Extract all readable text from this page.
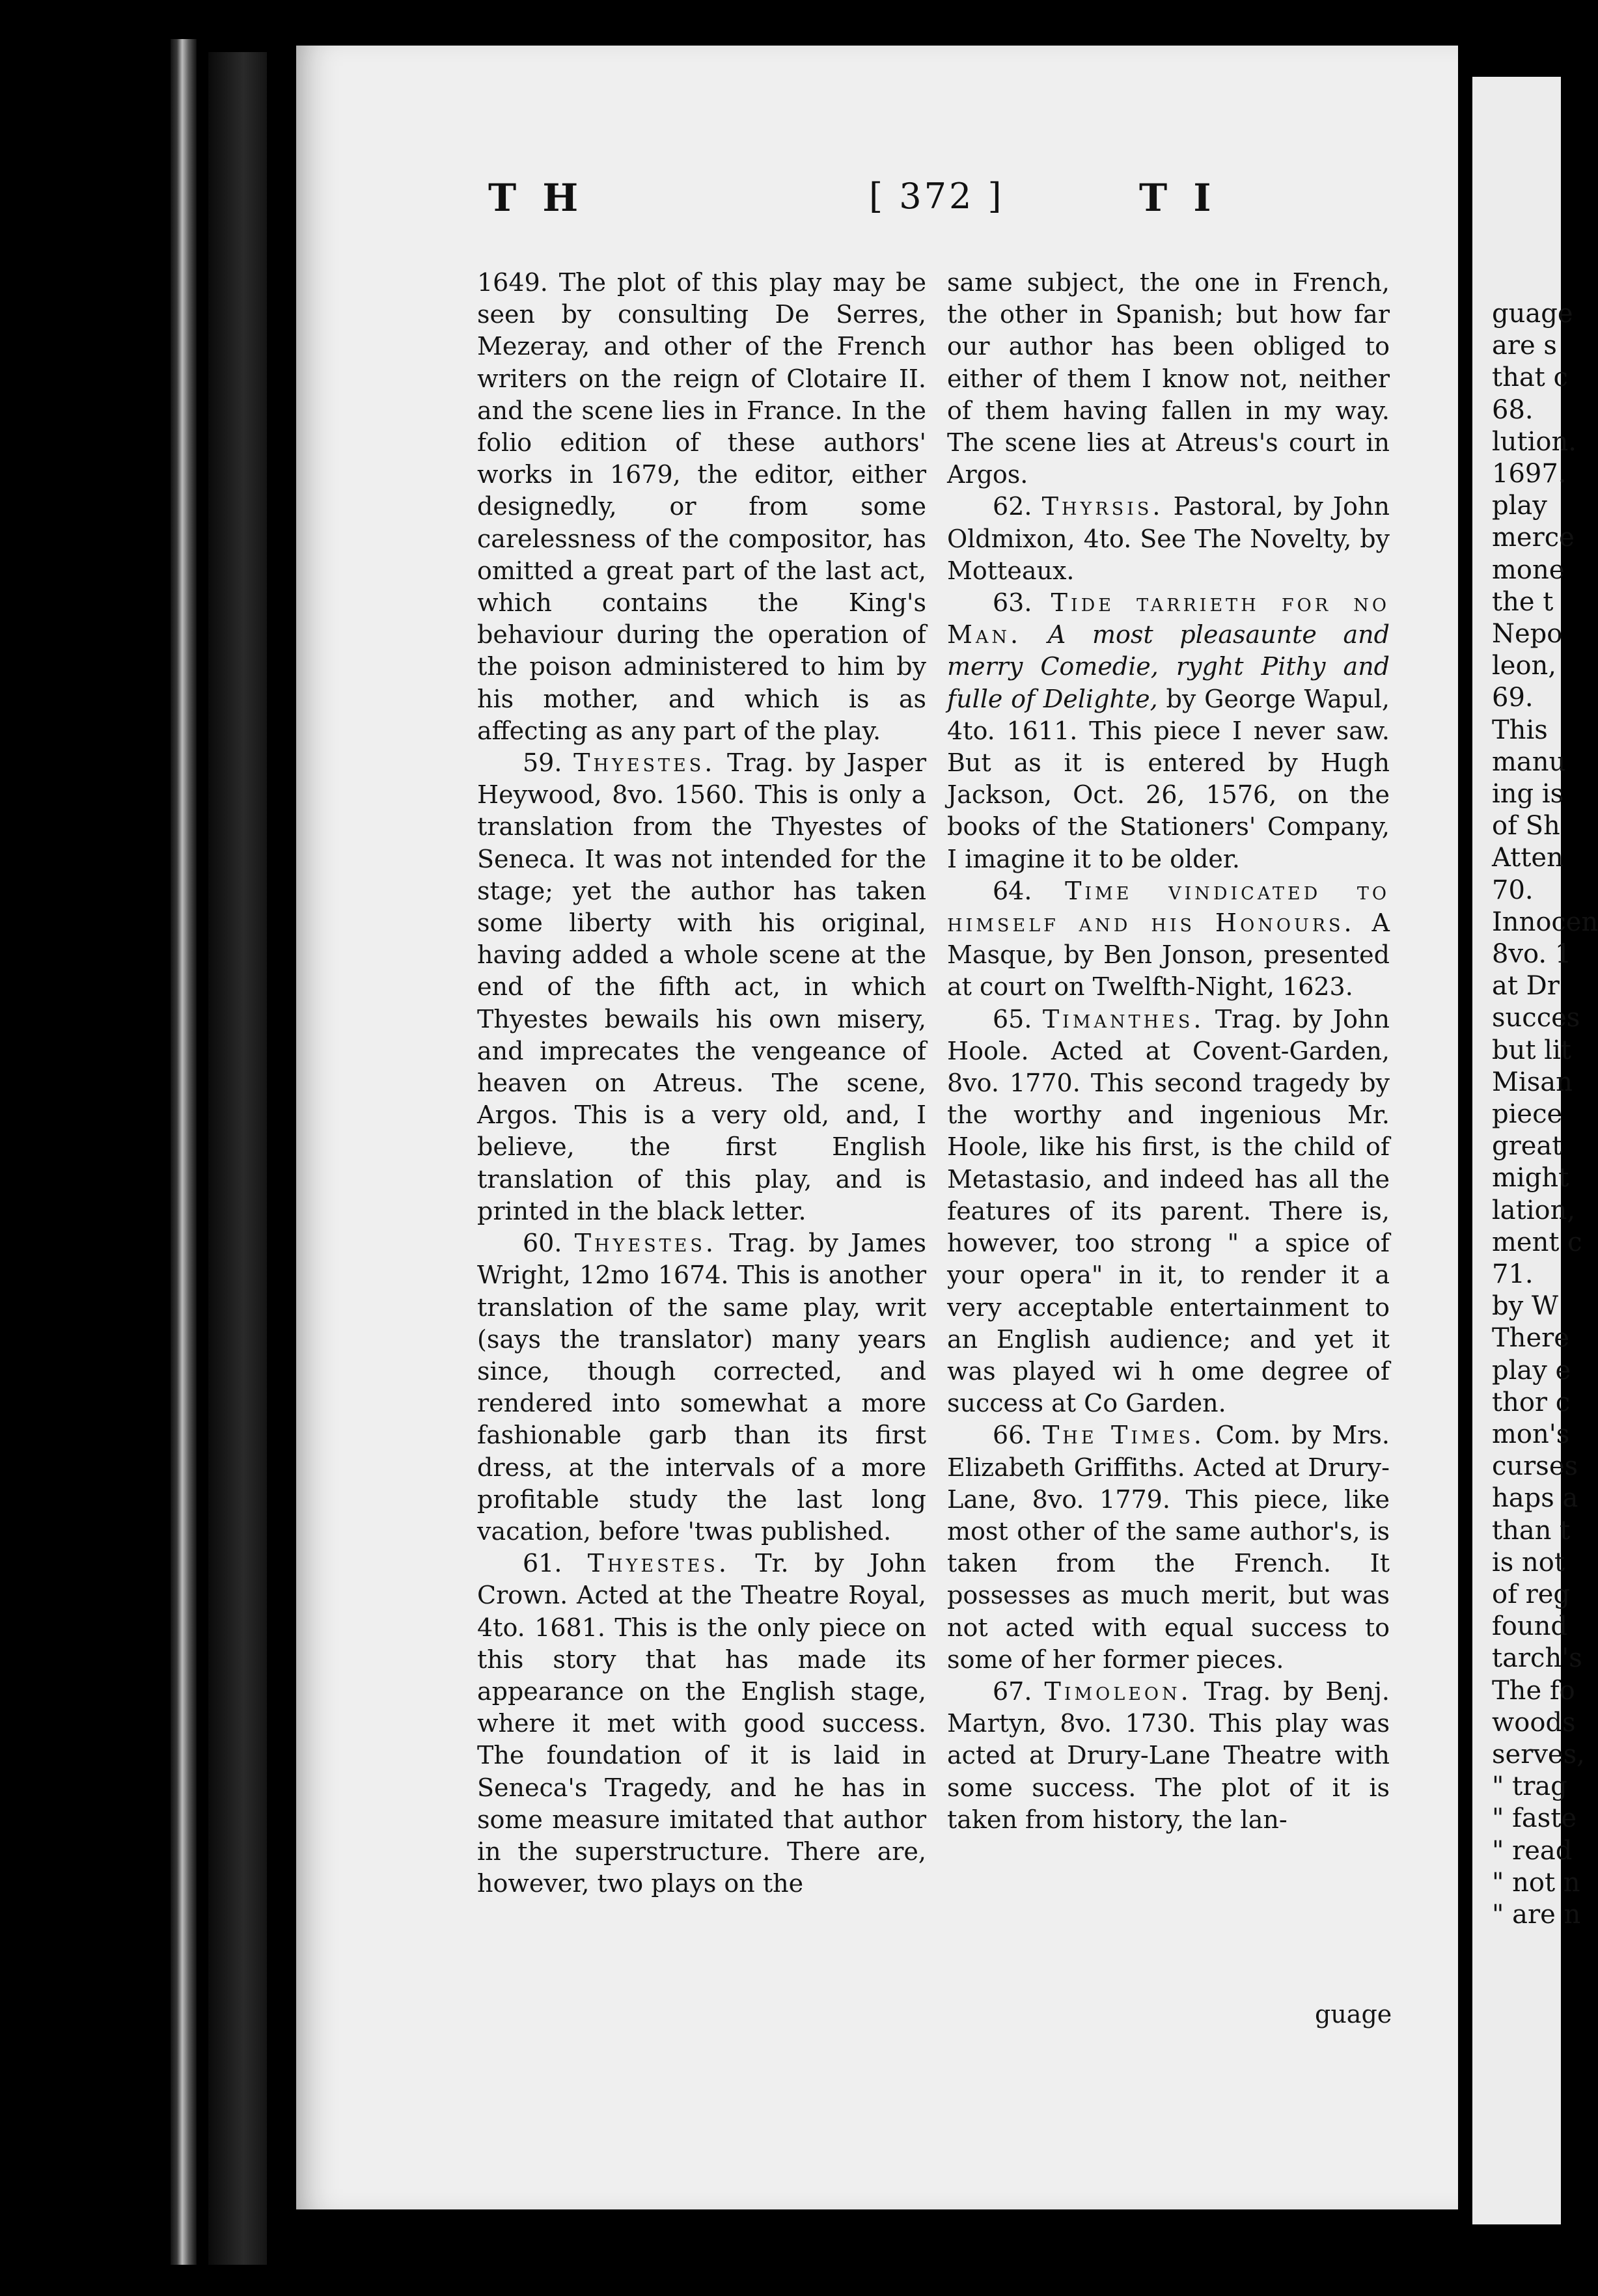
T H	[ 372 ]	T I

1649. The plot of this play may be seen by consulting De Serres, Mezeray, and other of the French writers on the reign of Clotaire II. and the scene lies in France. In the folio edition of these authors' works in 1679, the editor, either designedly, or from some carelessness of the compositor, has omitted a great part of the last act, which contains the King's behaviour during the operation of the poison administered to him by his mother, and which is as affecting as any part of the play.

59. Thyestes. Trag. by Jasper Heywood, 8vo. 1560. This is only a translation from the Thyestes of Seneca. It was not intended for the stage; yet the author has taken some liberty with his original, having added a whole scene at the end of the fifth act, in which Thyestes bewails his own misery, and imprecates the vengeance of heaven on Atreus. The scene, Argos. This is a very old, and, I believe, the first English translation of this play, and is printed in the black letter.

60. Thyestes. Trag. by James Wright, 12mo 1674. This is another translation of the same play, writ (says the translator) many years since, though corrected, and rendered into somewhat a more fashionable garb than its first dress, at the intervals of a more profitable study the last long vacation, before 'twas published.

61. Thyestes. Tr. by John Crown. Acted at the Theatre Royal, 4to. 1681. This is the only piece on this story that has made its appearance on the English stage, where it met with good success. The foundation of it is laid in Seneca's Tragedy, and he has in some measure imitated that author in the superstructure. There are, however, two plays on the

same subject, the one in French, the other in Spanish; but how far our author has been obliged to either of them I know not, neither of them having fallen in my way. The scene lies at Atreus's court in Argos.

62. Thyrsis. Pastoral, by John Oldmixon, 4to. See The Novelty, by Motteaux.

63. Tide tarrieth for no Man. A most pleasaunte and merry Comedie, ryght Pithy and fulle of Delighte, by George Wapul, 4to. 1611. This piece I never saw. But as it is entered by Hugh Jackson, Oct. 26, 1576, on the books of the Stationers' Company, I imagine it to be older.

64. Time vindicated to himself and his Honours. A Masque, by Ben Jonson, presented at court on Twelfth-Night, 1623.

65. Timanthes. Trag. by John Hoole. Acted at Covent-Garden, 8vo. 1770. This second tragedy by the worthy and ingenious Mr. Hoole, like his first, is the child of Metastasio, and indeed has all the features of its parent. There is, however, too strong " a spice of your opera" in it, to render it a very acceptable entertainment to an English audience; and yet it was played wi h ome degree of success at Co Garden.

66. The Times. Com. by Mrs. Elizabeth Griffiths. Acted at Drury-Lane, 8vo. 1779. This piece, like most other of the same author's, is taken from the French. It possesses as much merit, but was not acted with equal success to some of her former pieces.

67. Timoleon. Trag. by Benj. Martyn, 8vo. 1730. This play was acted at Drury-Lane Theatre with some success. The plot of it is taken from history, the lan-

guage
guage
are s
that c
68.
lution.
1697.
play
merce
mone
the t
Nepo
leon,
69.
This
manu
ing is
of Sh
Atten
70.
Innocen
8vo. 1
at Dr
succes
but lit
Misan
piece
great
might
lation,
ment c
71.
by W
There
play e
thor c
mon's
curses
haps a
than t
is not
of reg
found
tarch's
The fo
woods
serves,
" trag
" faste
" read
" not n
" are n
